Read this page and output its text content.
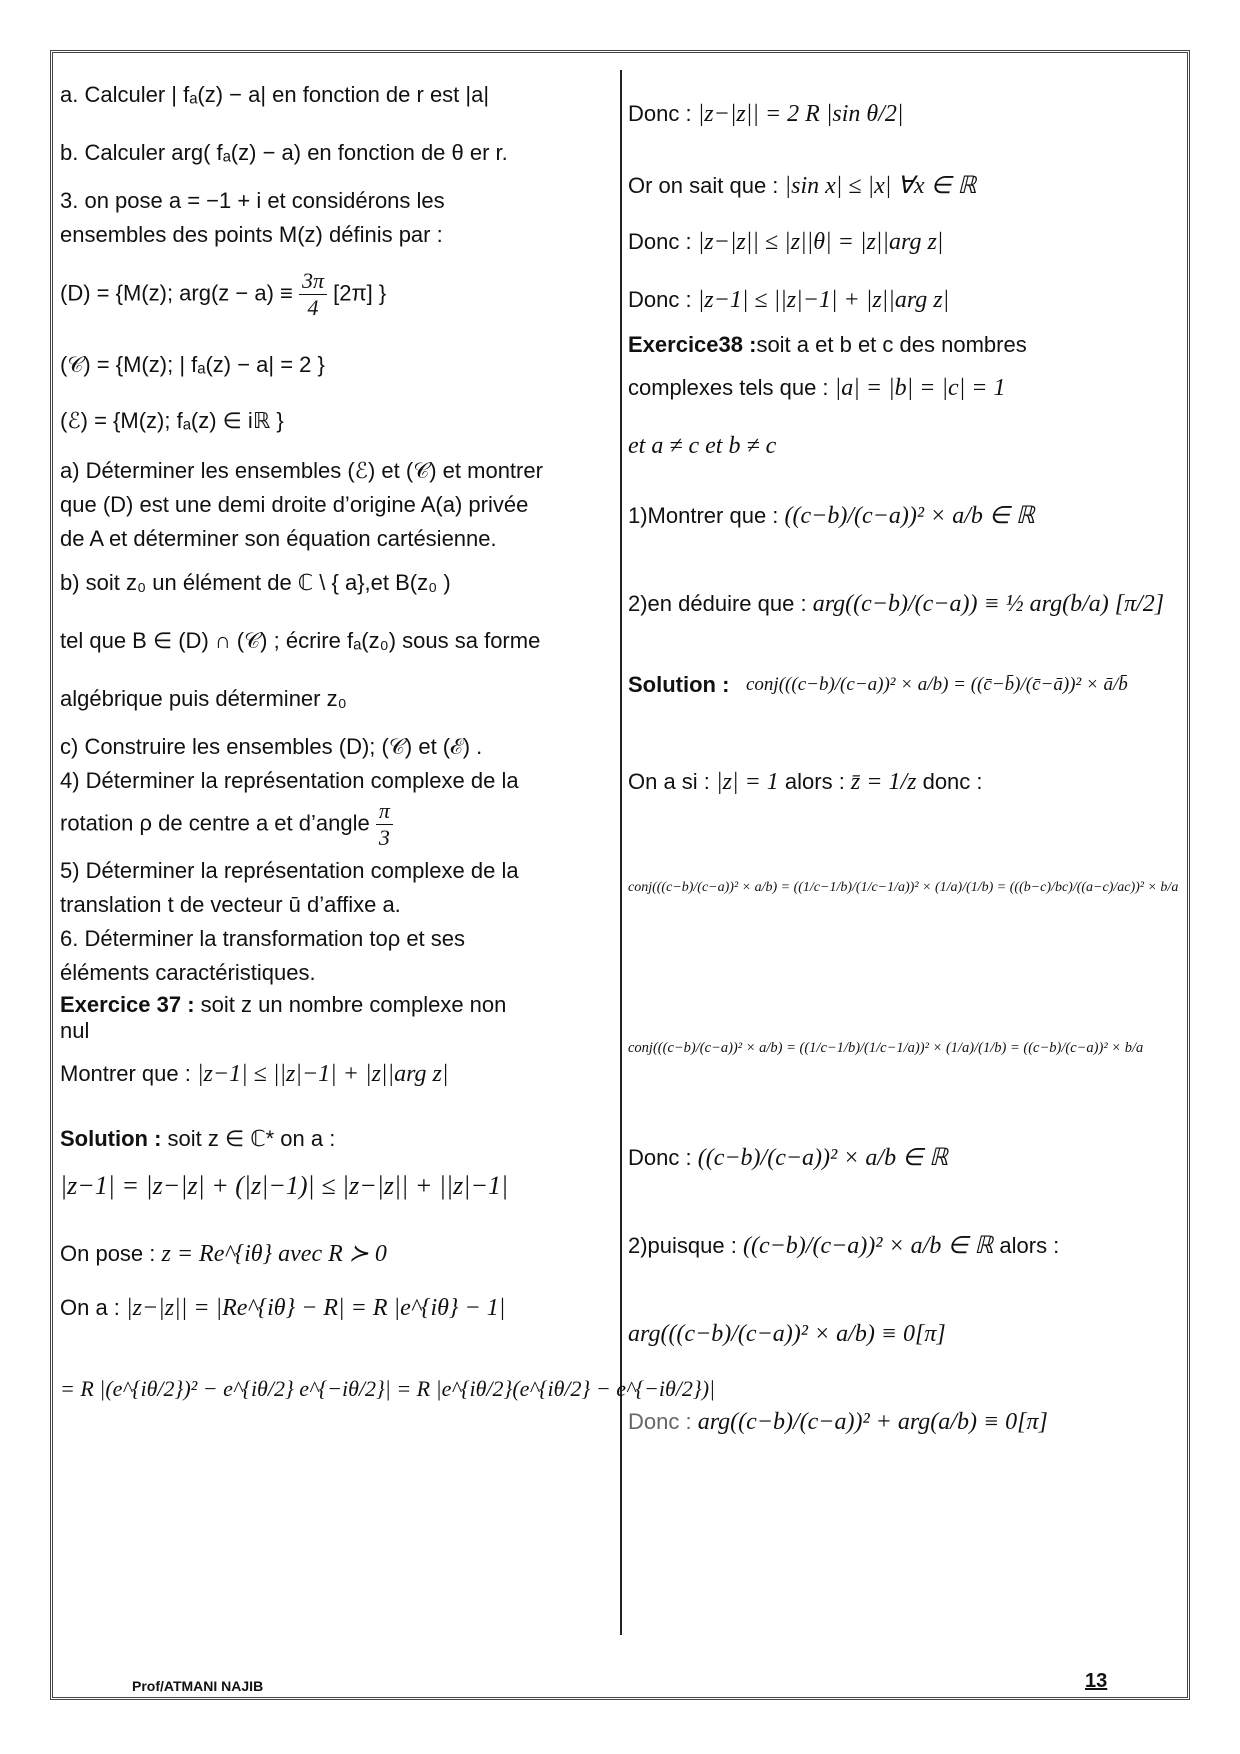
a. Calculer | fₐ(z) − a| en fonction de r est |a|
b. Calculer arg( fₐ(z) − a) en fonction de θ er r.
3. on pose a = −1 + i et considérons les
ensembles des points M(z) définis par :
(D) = {M(z); $arg(z - a) \equiv \frac{3\pi}{4} [2\pi]$ }
(𝒞) = {M(z); | fₐ(z) − a| = 2 }
(ℰ) = {M(z); fₐ(z) ∈ iℝ }
a) Déterminer les ensembles (ℰ) et (𝒞) et montrer
que (D) est une demi droite d’origine A(a) privée
de A et déterminer son équation cartésienne.
b) soit z₀ un élément de ℂ \ { a},et B(z₀ )
tel que B ∈ (D) ∩ (𝒞) ; écrire fₐ(z₀) sous sa forme
algébrique puis déterminer z₀
c) Construire les ensembles (D); (𝒞) et (ℰ) .
4) Déterminer la représentation complexe de la
rotation ρ de centre a et d’angle $\frac{\pi}{3}$
5) Déterminer la représentation complexe de la
translation t de vecteur ū d’affixe a.
6. Déterminer la transformation toρ et ses
éléments caractéristiques.
Exercice 37 : soit z un nombre complexe non
nul
Montrer que : |z−1| ≤ ||z|−1| + |z||arg z|
Solution : soit z ∈ ℂ* on a :
|z−1| = |z−|z| + (|z|−1)| ≤ |z−|z|| + ||z|−1|
On pose : z = Re^{iθ} avec R ≻ 0
On a : |z−|z|| = |Re^{iθ} − R| = R |e^{iθ} − 1|
= R |(e^{iθ/2})² − e^{iθ/2} e^{−iθ/2}| = R |e^{iθ/2}(e^{iθ/2} − e^{−iθ/2})|
Donc : |z−|z|| = 2 R |sin θ/2|
Or on sait que : |sin x| ≤ |x| ∀x ∈ ℝ
Donc : |z−|z|| ≤ |z||θ| = |z||arg z|
Donc : |z−1| ≤ ||z|−1| + |z||arg z|
Exercice38 :soit a et b et c des nombres
complexes tels que : |a| = |b| = |c| = 1
et a ≠ c et b ≠ c
1)Montrer que : ((c−b)/(c−a))² × a/b ∈ ℝ
2)en déduire que : arg((c−b)/(c−a)) ≡ ½ arg(b/a) [π/2]
Solution : conj(((c−b)/(c−a))² × a/b) = ((c̄−b̄)/(c̄−ā))² × ā/b̄
On a si : |z| = 1 alors : z̄ = 1/z donc :
conj(((c−b)/(c−a))² × a/b) = ((1/c−1/b)/(1/c−1/a))² × (1/a)/(1/b) = (((b−c)/bc)/((a−c)/ac))² × b/a
conj(((c−b)/(c−a))² × a/b) = ((1/c−1/b)/(1/c−1/a))² × (1/a)/(1/b) = ((c−b)/(c−a))² × b/a
Donc : ((c−b)/(c−a))² × a/b ∈ ℝ
2)puisque : ((c−b)/(c−a))² × a/b ∈ ℝ alors :
arg(((c−b)/(c−a))² × a/b) ≡ 0[π]
Donc : arg((c−b)/(c−a))² + arg(a/b) ≡ 0[π]
Prof/ATMANI NAJIB	13
